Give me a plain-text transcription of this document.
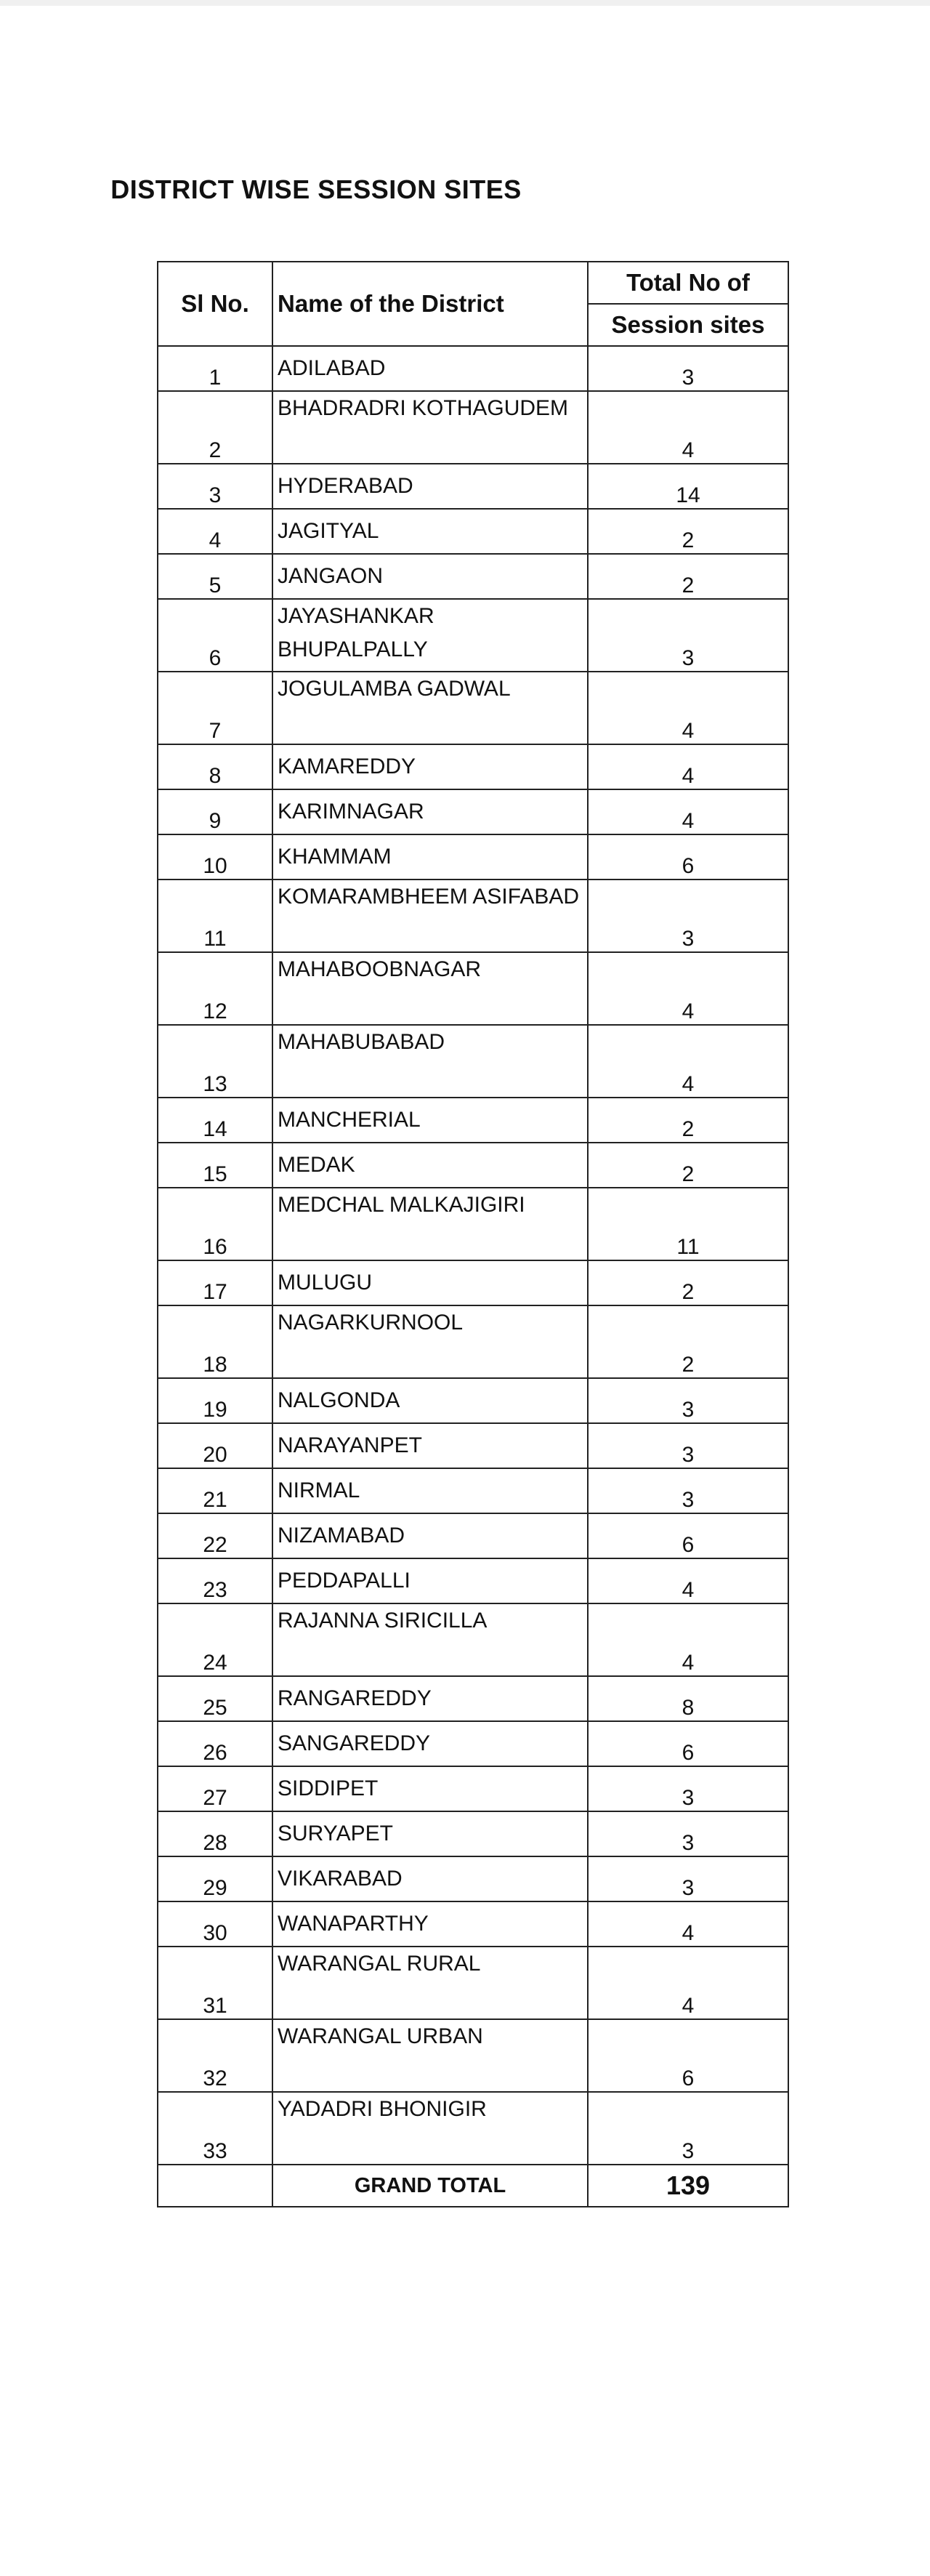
DISTRICT WISE SESSION SITES
Sl No.	Name of the District	Total No of
Session sites

1	ADILABAD	3
2	BHADRADRI KOTHAGUDEM	4
3	HYDERABAD	14
4	JAGITYAL	2
5	JANGAON	2
6	JAYASHANKAR BHUPALPALLY	3
7	JOGULAMBA GADWAL	4
8	KAMAREDDY	4
9	KARIMNAGAR	4
10	KHAMMAM	6
11	KOMARAMBHEEM ASIFABAD	3
12	MAHABOOBNAGAR	4
13	MAHABUBABAD	4
14	MANCHERIAL	2
15	MEDAK	2
16	MEDCHAL MALKAJIGIRI	11
17	MULUGU	2
18	NAGARKURNOOL	2
19	NALGONDA	3
20	NARAYANPET	3
21	NIRMAL	3
22	NIZAMABAD	6
23	PEDDAPALLI	4
24	RAJANNA SIRICILLA	4
25	RANGAREDDY	8
26	SANGAREDDY	6
27	SIDDIPET	3
28	SURYAPET	3
29	VIKARABAD	3
30	WANAPARTHY	4
31	WARANGAL RURAL	4
32	WARANGAL URBAN	6
33	YADADRI BHONIGIR	3
	GRAND TOTAL	139
